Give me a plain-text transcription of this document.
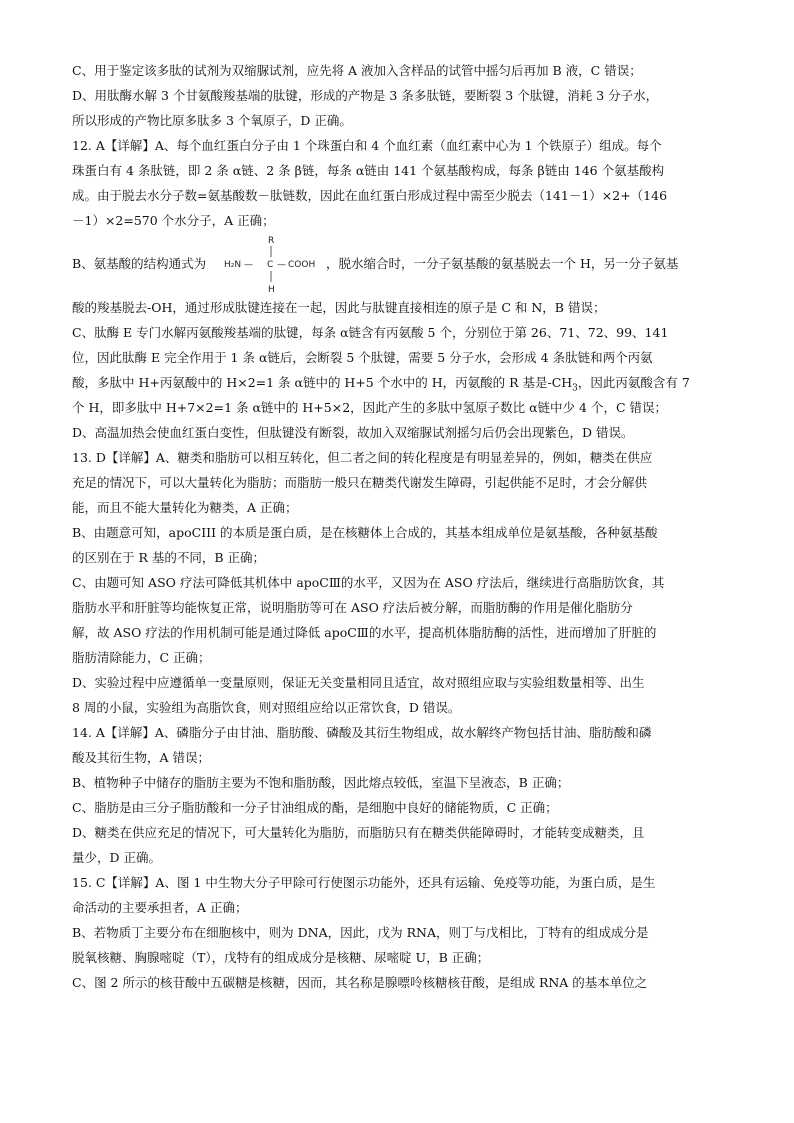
C、用于鉴定该多肽的试剂为双缩脲试剂，应先将 A 液加入含样品的试管中摇匀后再加 B 液，C 错误；
D、用肽酶水解 3 个甘氨酸羧基端的肽键，形成的产物是 3 条多肽链，要断裂 3 个肽键，消耗 3 分子水，
所以形成的产物比原多肽多 3 个氧原子，D 正确。
12. A【详解】A、每个血红蛋白分子由 1 个珠蛋白和 4 个血红素（血红素中心为 1 个铁原子）组成。每个
珠蛋白有 4 条肽链，即 2 条 α链、2 条 β链，每条 α链由 141 个氨基酸构成，每条 β链由 146 个氨基酸构
成。由于脱去水分子数=氨基酸数－肽链数，因此在血红蛋白形成过程中需至少脱去（141－1）×2+（146
－1）×2=570 个水分子，A 正确；
B、氨基酸的结构通式为
R
H₂N — C — COOH
H
，脱水缩合时，一分子氨基酸的氨基脱去一个 H，另一分子氨基
酸的羧基脱去-OH，通过形成肽键连接在一起，因此与肽键直接相连的原子是 C 和 N，B 错误；
C、肽酶 E 专门水解丙氨酸羧基端的肽键，每条 α链含有丙氨酸 5 个，分别位于第 26、71、72、99、141
位，因此肽酶 E 完全作用于 1 条 α链后，会断裂 5 个肽键，需要 5 分子水，会形成 4 条肽链和两个丙氨
酸，多肽中 H+丙氨酸中的 H×2=1 条 α链中的 H+5 个水中的 H，丙氨酸的 R 基是$-CH_3$，因此丙氨酸含有 7
个 H，即多肽中 H+7×2=1 条 α链中的 H+5×2，因此产生的多肽中氢原子数比 α链中少 4 个，C 错误；
D、高温加热会使血红蛋白变性，但肽键没有断裂，故加入双缩脲试剂摇匀后仍会出现紫色，D 错误。
13. D【详解】A、糖类和脂肪可以相互转化，但二者之间的转化程度是有明显差异的，例如，糖类在供应
充足的情况下，可以大量转化为脂肪；而脂肪一般只在糖类代谢发生障碍，引起供能不足时，才会分解供
能，而且不能大量转化为糖类，A 正确；
B、由题意可知，apoCIII 的本质是蛋白质，是在核糖体上合成的，其基本组成单位是氨基酸，各种氨基酸
的区别在于 R 基的不同，B 正确；
C、由题可知 ASO 疗法可降低其机体中 apoCⅢ的水平，又因为在 ASO 疗法后，继续进行高脂肪饮食，其
脂肪水平和肝脏等均能恢复正常，说明脂肪等可在 ASO 疗法后被分解，而脂肪酶的作用是催化脂肪分
解，故 ASO 疗法的作用机制可能是通过降低 apoCⅢ的水平，提高机体脂肪酶的活性，进而增加了肝脏的
脂肪清除能力，C 正确；
D、实验过程中应遵循单一变量原则，保证无关变量相同且适宜，故对照组应取与实验组数量相等、出生
8 周的小鼠，实验组为高脂饮食，则对照组应给以正常饮食，D 错误。
14. A【详解】A、磷脂分子由甘油、脂肪酸、磷酸及其衍生物组成，故水解终产物包括甘油、脂肪酸和磷
酸及其衍生物，A 错误；
B、植物种子中储存的脂肪主要为不饱和脂肪酸，因此熔点较低，室温下呈液态，B 正确；
C、脂肪是由三分子脂肪酸和一分子甘油组成的酯，是细胞中良好的储能物质，C 正确；
D、糖类在供应充足的情况下，可大量转化为脂肪，而脂肪只有在糖类供能障碍时，才能转变成糖类，且
量少，D 正确。
15. C【详解】A、图 1 中生物大分子甲除可行使图示功能外，还具有运输、免疫等功能，为蛋白质，是生
命活动的主要承担者，A 正确；
B、若物质丁主要分布在细胞核中，则为 DNA，因此，戊为 RNA，则丁与戊相比，丁特有的组成成分是
脱氧核糖、胸腺嘧啶（T），戊特有的组成成分是核糖、尿嘧啶 U，B 正确；
C、图 2 所示的核苷酸中五碳糖是核糖，因而，其名称是腺嘌呤核糖核苷酸，是组成 RNA 的基本单位之
